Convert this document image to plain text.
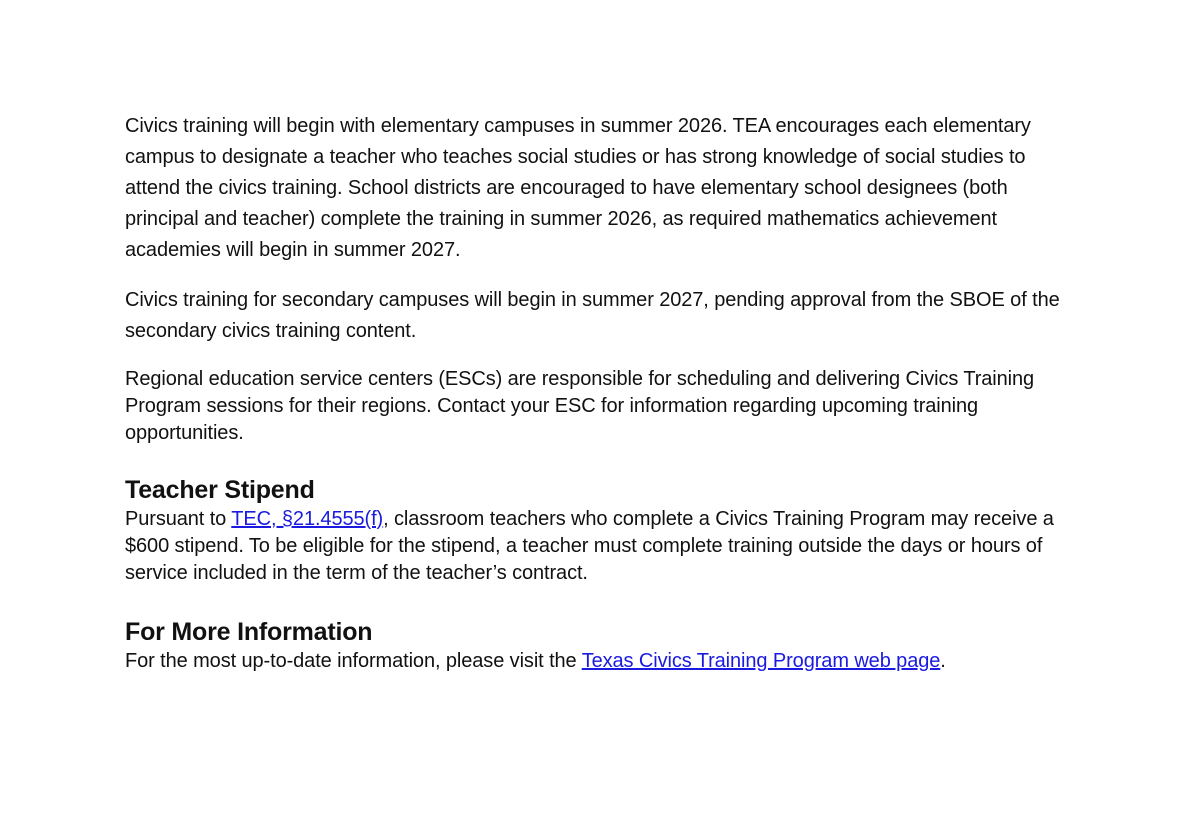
Civics training will begin with elementary campuses in summer 2026. TEA encourages each elementary campus to designate a teacher who teaches social studies or has strong knowledge of social studies to attend the civics training. School districts are encouraged to have elementary school designees (both principal and teacher) complete the training in summer 2026, as required mathematics achievement academies will begin in summer 2027.

Civics training for secondary campuses will begin in summer 2027, pending approval from the SBOE of the secondary civics training content.

Regional education service centers (ESCs) are responsible for scheduling and delivering Civics Training Program sessions for their regions. Contact your ESC for information regarding upcoming training opportunities.

Teacher Stipend

Pursuant to TEC, §21.4555(f), classroom teachers who complete a Civics Training Program may receive a $600 stipend. To be eligible for the stipend, a teacher must complete training outside the days or hours of service included in the term of the teacher’s contract.

For More Information

For the most up-to-date information, please visit the Texas Civics Training Program web page.
